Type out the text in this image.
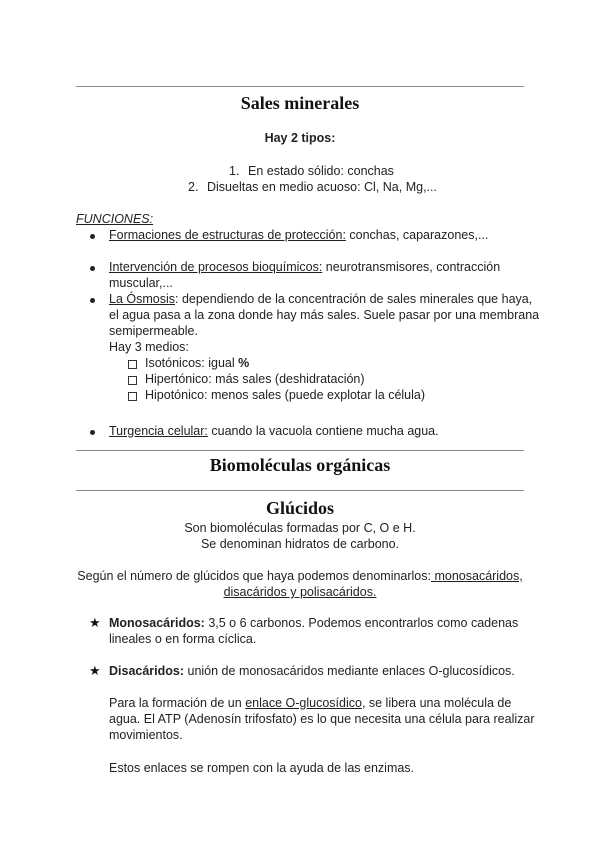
Sales minerales
Hay 2 tipos:
1. En estado sólido: conchas
2. Disueltas en medio acuoso: Cl, Na, Mg,...
FUNCIONES:
Formaciones de estructuras de protección: conchas, caparazones,...
Intervención de procesos bioquímicos: neurotransmisores, contracción
muscular,...
La Ósmosis: dependiendo de la concentración de sales minerales que haya,
el agua pasa a la zona donde hay más sales. Suele pasar por una membrana
semipermeable.
Hay 3 medios:
Isotónicos: igual %
Hipertónico: más sales (deshidratación)
Hipotónico: menos sales (puede explotar la célula)
Turgencia celular: cuando la vacuola contiene mucha agua.
Biomoléculas orgánicas
Glúcidos
Son biomoléculas formadas por C, O e H.
Se denominan hidratos de carbono.
Según el número de glúcidos que haya podemos denominarlos: monosacáridos,
disacáridos y polisacáridos.
★ Monosacáridos: 3,5 o 6 carbonos. Podemos encontrarlos como cadenas
lineales o en forma cíclica.
★ Disacáridos: unión de monosacáridos mediante enlaces O-glucosídicos.
Para la formación de un enlace O-glucosídico, se libera una molécula de
agua. El ATP (Adenosín trifosfato) es lo que necesita una célula para realizar
movimientos.
Estos enlaces se rompen con la ayuda de las enzimas.
